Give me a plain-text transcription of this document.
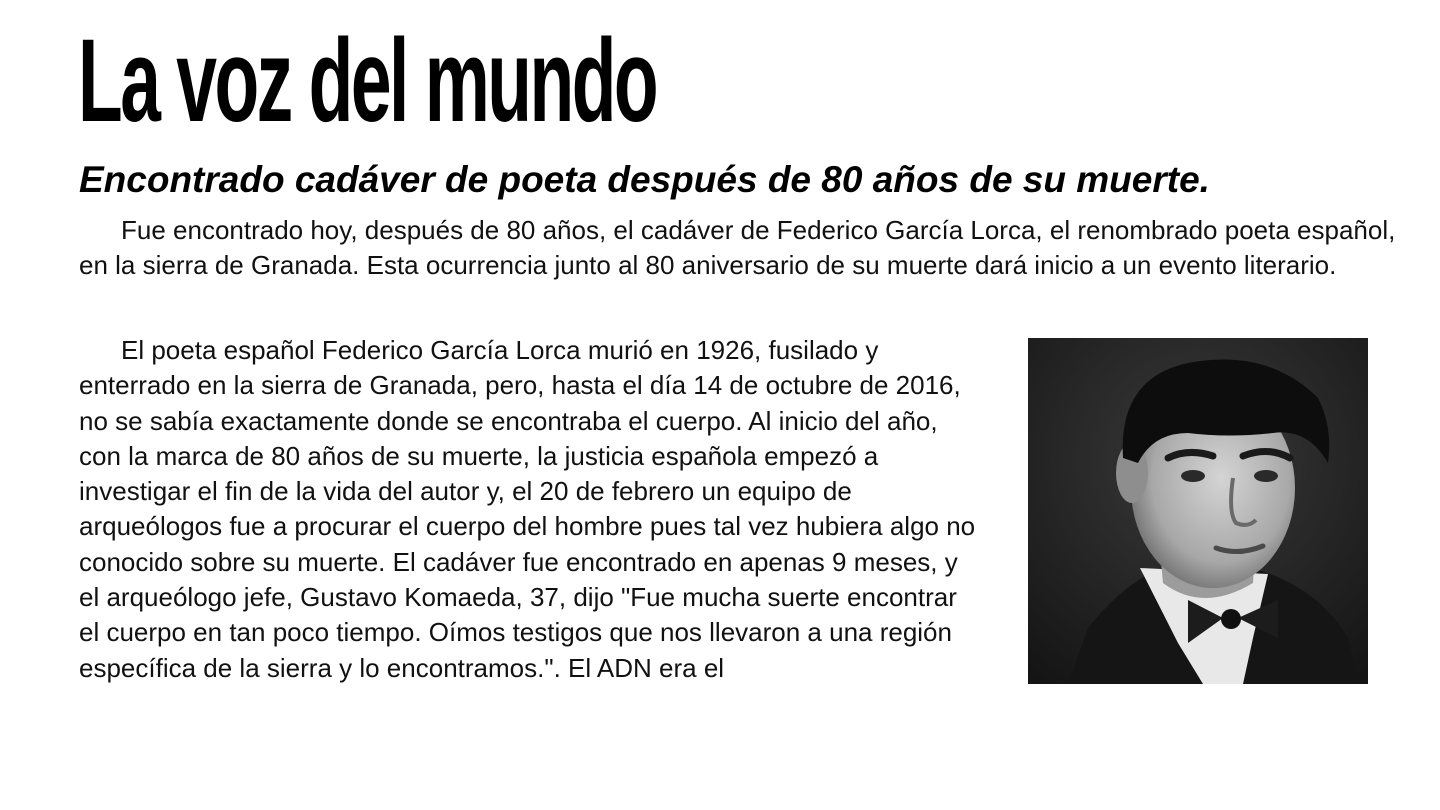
La voz del mundo
Encontrado cadáver de poeta después de 80 años de su muerte.

Fue encontrado hoy, después de 80 años, el cadáver de Federico García Lorca, el renombrado poeta español, en la sierra de Granada. Esta ocurrencia junto al 80 aniversario de su muerte dará inicio a un evento literario.

El poeta español Federico García Lorca murió en 1926, fusilado y enterrado en la sierra de Granada, pero, hasta el día 14 de octubre de 2016, no se sabía exactamente donde se encontraba el cuerpo. Al inicio del año, con la marca de 80 años de su muerte, la justicia española empezó a investigar el fin de la vida del autor y, el 20 de febrero un equipo de arqueólogos fue a procurar el cuerpo del hombre pues tal vez hubiera algo no conocido sobre su muerte. El cadáver fue encontrado en apenas 9 meses, y el arqueólogo jefe, Gustavo Komaeda, 37, dijo "Fue mucha suerte encontrar el cuerpo en tan poco tiempo. Oímos testigos que nos llevaron a una región específica de la sierra y lo encontramos.". El ADN era el
